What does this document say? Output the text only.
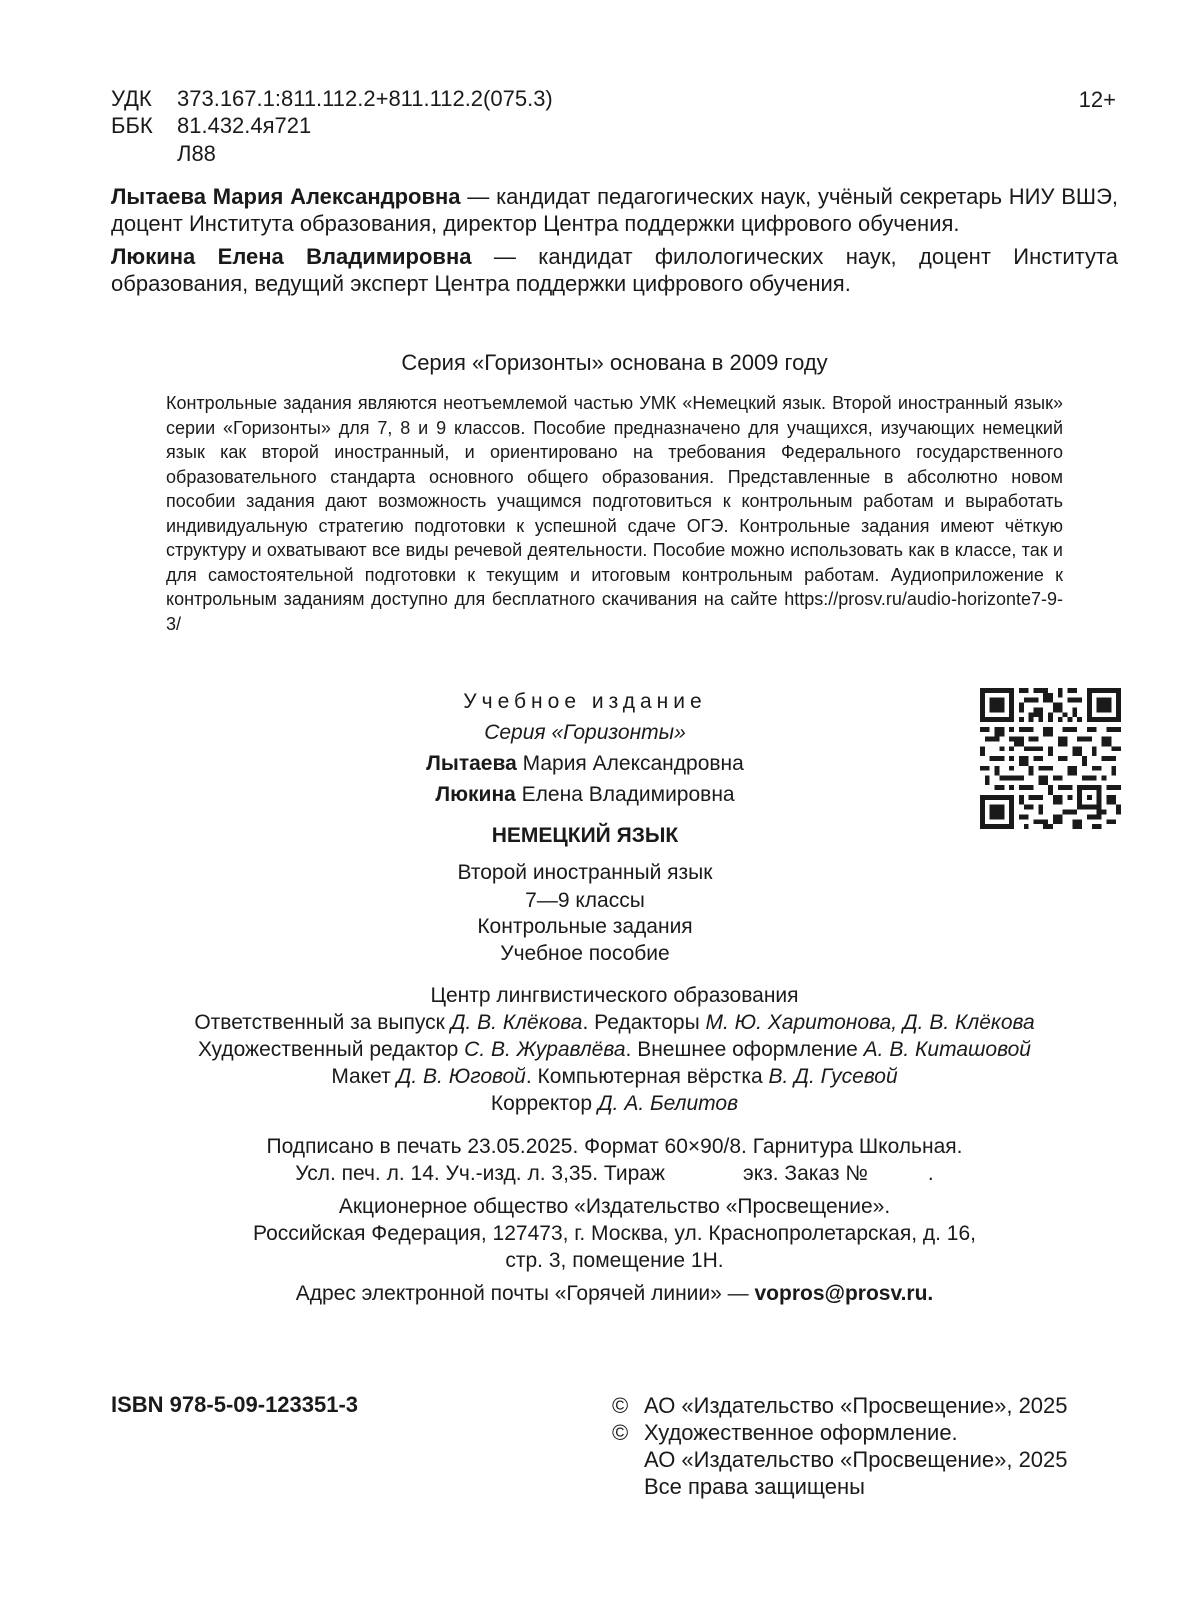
УДК 373.167.1:811.112.2+811.112.2(075.3)
ББК 81.432.4я721
Л88
12+

Лытаева Мария Александровна — кандидат педагогических наук, учёный секретарь НИУ ВШЭ, доцент Института образования, директор Центра поддержки цифрового обучения.

Люкина Елена Владимировна — кандидат филологических наук, доцент Института образования, ведущий эксперт Центра поддержки цифрового обучения.

Серия «Горизонты» основана в 2009 году

Контрольные задания являются неотъемлемой частью УМК «Немецкий язык. Второй иностранный язык» серии «Горизонты» для 7, 8 и 9 классов. Пособие предназначено для учащихся, изучающих немецкий язык как второй иностранный, и ориентировано на требования Федерального государственного образовательного стандарта основного общего образования. Представленные в абсолютно новом пособии задания дают возможность учащимся подготовиться к контрольным работам и выработать индивидуальную стратегию подготовки к успешной сдаче ОГЭ. Контрольные задания имеют чёткую структуру и охватывают все виды речевой деятельности. Пособие можно использовать как в классе, так и для самостоятельной подготовки к текущим и итоговым контрольным работам. Аудиоприложение к контрольным заданиям доступно для бесплатного скачивания на сайте https://prosv.ru/audio-horizonte7-9-3/

Учебное издание
Серия «Горизонты»
Лытаева Мария Александровна
Люкина Елена Владимировна
НЕМЕЦКИЙ ЯЗЫК
Второй иностранный язык
7—9 классы
Контрольные задания
Учебное пособие
Центр лингвистического образования
Ответственный за выпуск Д. В. Клёкова. Редакторы М. Ю. Харитонова, Д. В. Клёкова
Художественный редактор С. В. Журавлёва. Внешнее оформление А. В. Киташовой
Макет Д. В. Юговой. Компьютерная вёрстка В. Д. Гусевой
Корректор Д. А. Белитов
Подписано в печать 23.05.2025. Формат 60×90/8. Гарнитура Школьная.
Усл. печ. л. 14. Уч.-изд. л. 3,35. Тираж	экз. Заказ №	.
Акционерное общество «Издательство «Просвещение».
Российская Федерация, 127473, г. Москва, ул. Краснопролетарская, д. 16,
стр. 3, помещение 1Н.
Адрес электронной почты «Горячей линии» — vopros@prosv.ru.
ISBN 978-5-09-123351-3	© АО «Издательство «Просвещение», 2025
© Художественное оформление.
АО «Издательство «Просвещение», 2025
Все права защищены
